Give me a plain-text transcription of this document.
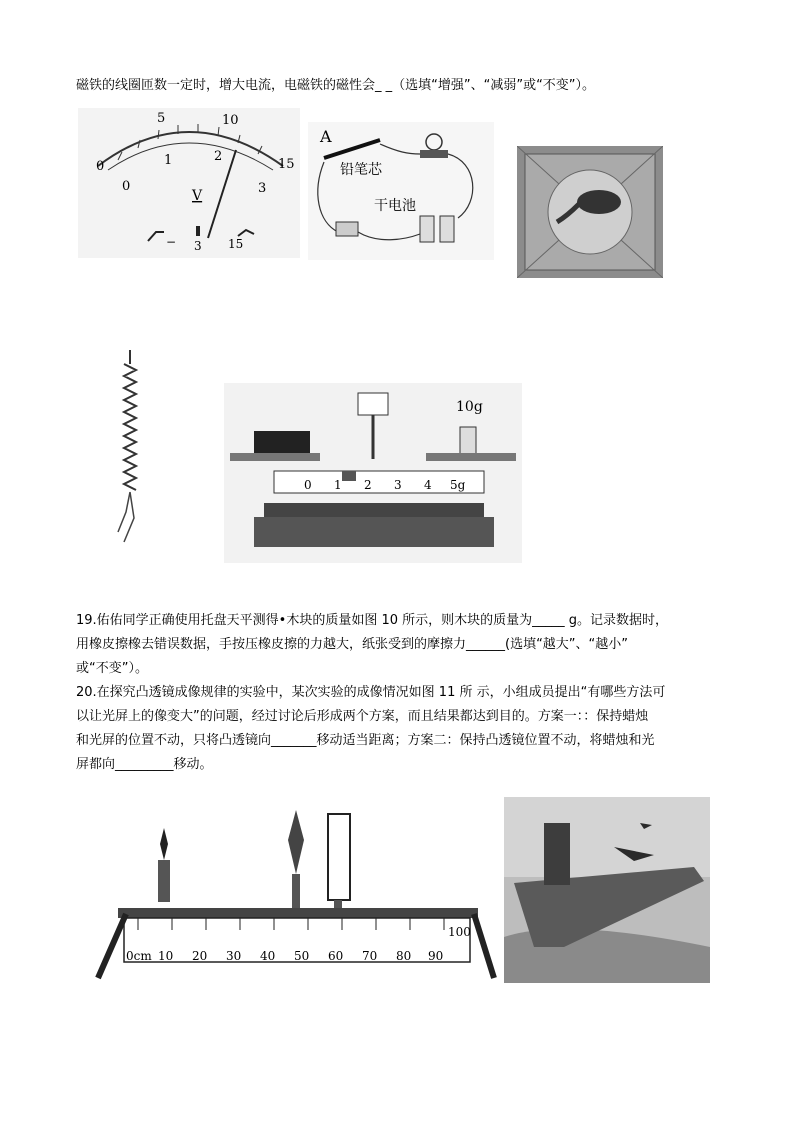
磁铁的线圈匝数一定时，增大电流，电磁铁的磁性会_ _（选填“增强”、“减弱”或“不变”）。
0
5	10
15
0
1	2
3
V
− 3 15
A
铅笔芯
干电池
10g
0 1 2 3 4 5g
19.佑佑同学正确使用托盘天平测得•木块的质量如图 10 所示，则木块的质量为_____ g。记录数据时，
用橡皮擦橡去错误数据，手按压橡皮擦的力越大，纸张受到的摩擦力______(选填“越大”、“越小”
或“不变”）。
20.在探究凸透镜成像规律的实验中，某次实验的成像情况如图 11 所 示，小组成员提出“有哪些方法可
以让光屏上的像变大”的问题，经过讨论后形成两个方案，而且结果都达到目的。方案一：：保持蜡烛
和光屏的位置不动，只将凸透镜向_______移动适当距离；方案二：保持凸透镜位置不动，将蜡烛和光
屏都向_________移动。
0cm 10 20 30 40 50 60 70 80 90
100
